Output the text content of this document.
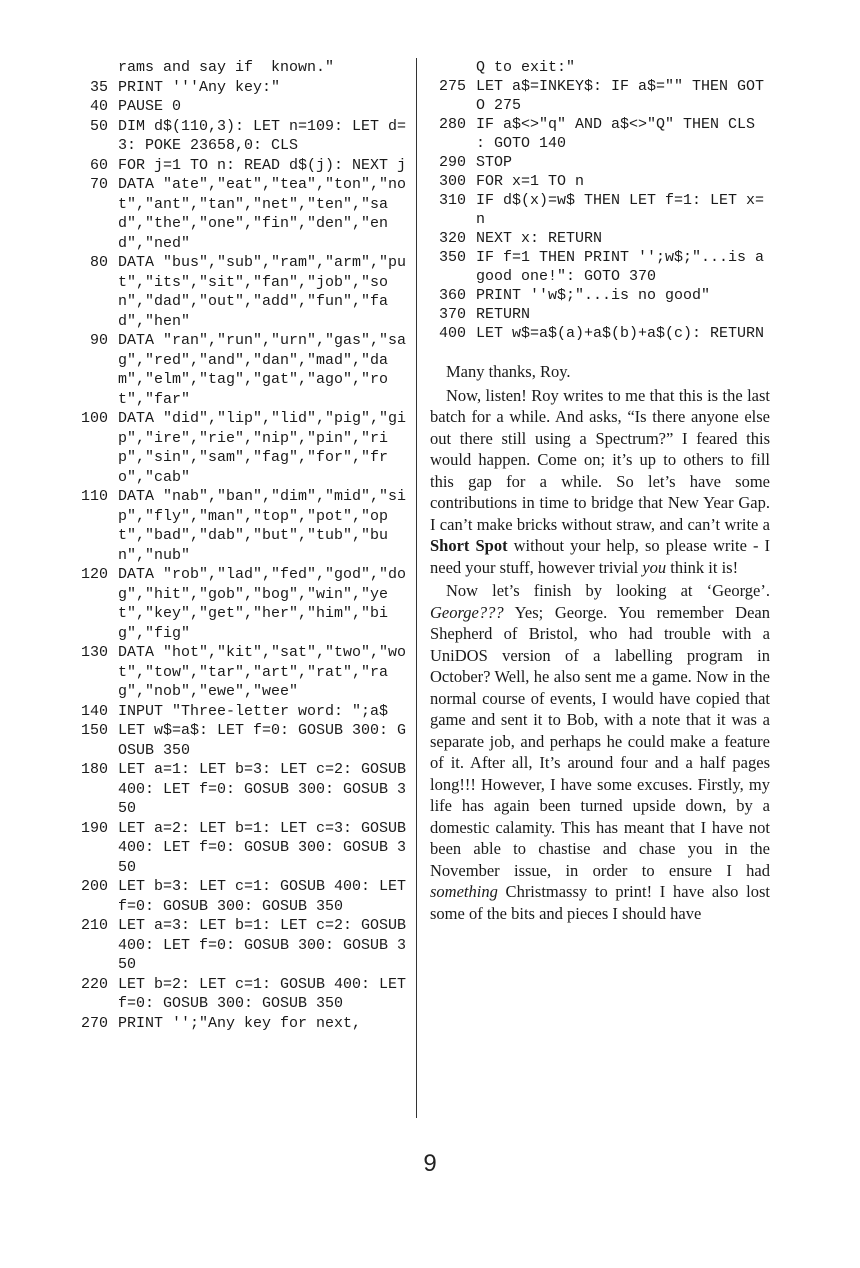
rams and say if  known."
35 PRINT '''Any key:"
40 PAUSE 0
50 DIM d$(110,3): LET n=109: LET d=3: POKE 23658,0: CLS
60 FOR j=1 TO n: READ d$(j): NEXT j
70 DATA "ate","eat","tea","ton","not","ant","tan","net","ten","sad","the","one","fin","den","end","ned"
80 DATA "bus","sub","ram","arm","put","its","sit","fan","job","son","dad","out","add","fun","fad","hen"
90 DATA "ran","run","urn","gas","sag","red","and","dan","mad","dam","elm","tag","gat","ago","rot","far"
100 DATA "did","lip","lid","pig","gip","ire","rie","nip","pin","rip","sin","sam","fag","for","fro","cab"
110 DATA "nab","ban","dim","mid","sip","fly","man","top","pot","opt","bad","dab","but","tub","bun","nub"
120 DATA "rob","lad","fed","god","dog","hit","gob","bog","win","yet","key","get","her","him","big","fig"
130 DATA "hot","kit","sat","two","wot","tow","tar","art","rat","rag","nob","ewe","wee"
140 INPUT "Three-letter word: ";a$
150 LET w$=a$: LET f=0: GOSUB 300: GOSUB 350
180 LET a=1: LET b=3: LET c=2: GOSUB 400: LET f=0: GOSUB 300: GOSUB 350
190 LET a=2: LET b=1: LET c=3: GOSUB 400: LET f=0: GOSUB 300: GOSUB 350
200 LET b=3: LET c=1: GOSUB 400: LET f=0: GOSUB 300: GOSUB 350
210 LET a=3: LET b=1: LET c=2: GOSUB 400: LET f=0: GOSUB 300: GOSUB 350
220 LET b=2: LET c=1: GOSUB 400: LET f=0: GOSUB 300: GOSUB 350
270 PRINT '';"Any key for next,
Q to exit:"
275 LET a$=INKEY$: IF a$="" THEN GOTO 275
280 IF a$<>"q" AND a$<>"Q" THEN CLS : GOTO 140
290 STOP
300 FOR x=1 TO n
310 IF d$(x)=w$ THEN LET f=1: LET x=n
320 NEXT x: RETURN
350 IF f=1 THEN PRINT '';w$;"...is a good one!": GOTO 370
360 PRINT ''w$;"...is no good"
370 RETURN
400 LET w$=a$(a)+a$(b)+a$(c): RETURN

Many thanks, Roy.

Now, listen! Roy writes to me that this is the last batch for a while. And asks, “Is there anyone else out there still using a Spectrum?” I feared this would happen. Come on; it’s up to others to fill this gap for a while. So let’s have some contributions in time to bridge that New Year Gap. I can’t make bricks without straw, and can’t write a Short Spot without your help, so please write - I need your stuff, however trivial you think it is!

Now let’s finish by looking at ‘George’. George??? Yes; George. You remember Dean Shepherd of Bristol, who had trouble with a UniDOS version of a labelling program in October? Well, he also sent me a game. Now in the normal course of events, I would have copied that game and sent it to Bob, with a note that it was a separate job, and perhaps he could make a feature of it. After all, It’s around four and a half pages long!!! However, I have some excuses. Firstly, my life has again been turned upside down, by a domestic calamity. This has meant that I have not been able to chastise and chase you in the November issue, in order to ensure I had something Christmassy to print! I have also lost some of the bits and pieces I should have

9
